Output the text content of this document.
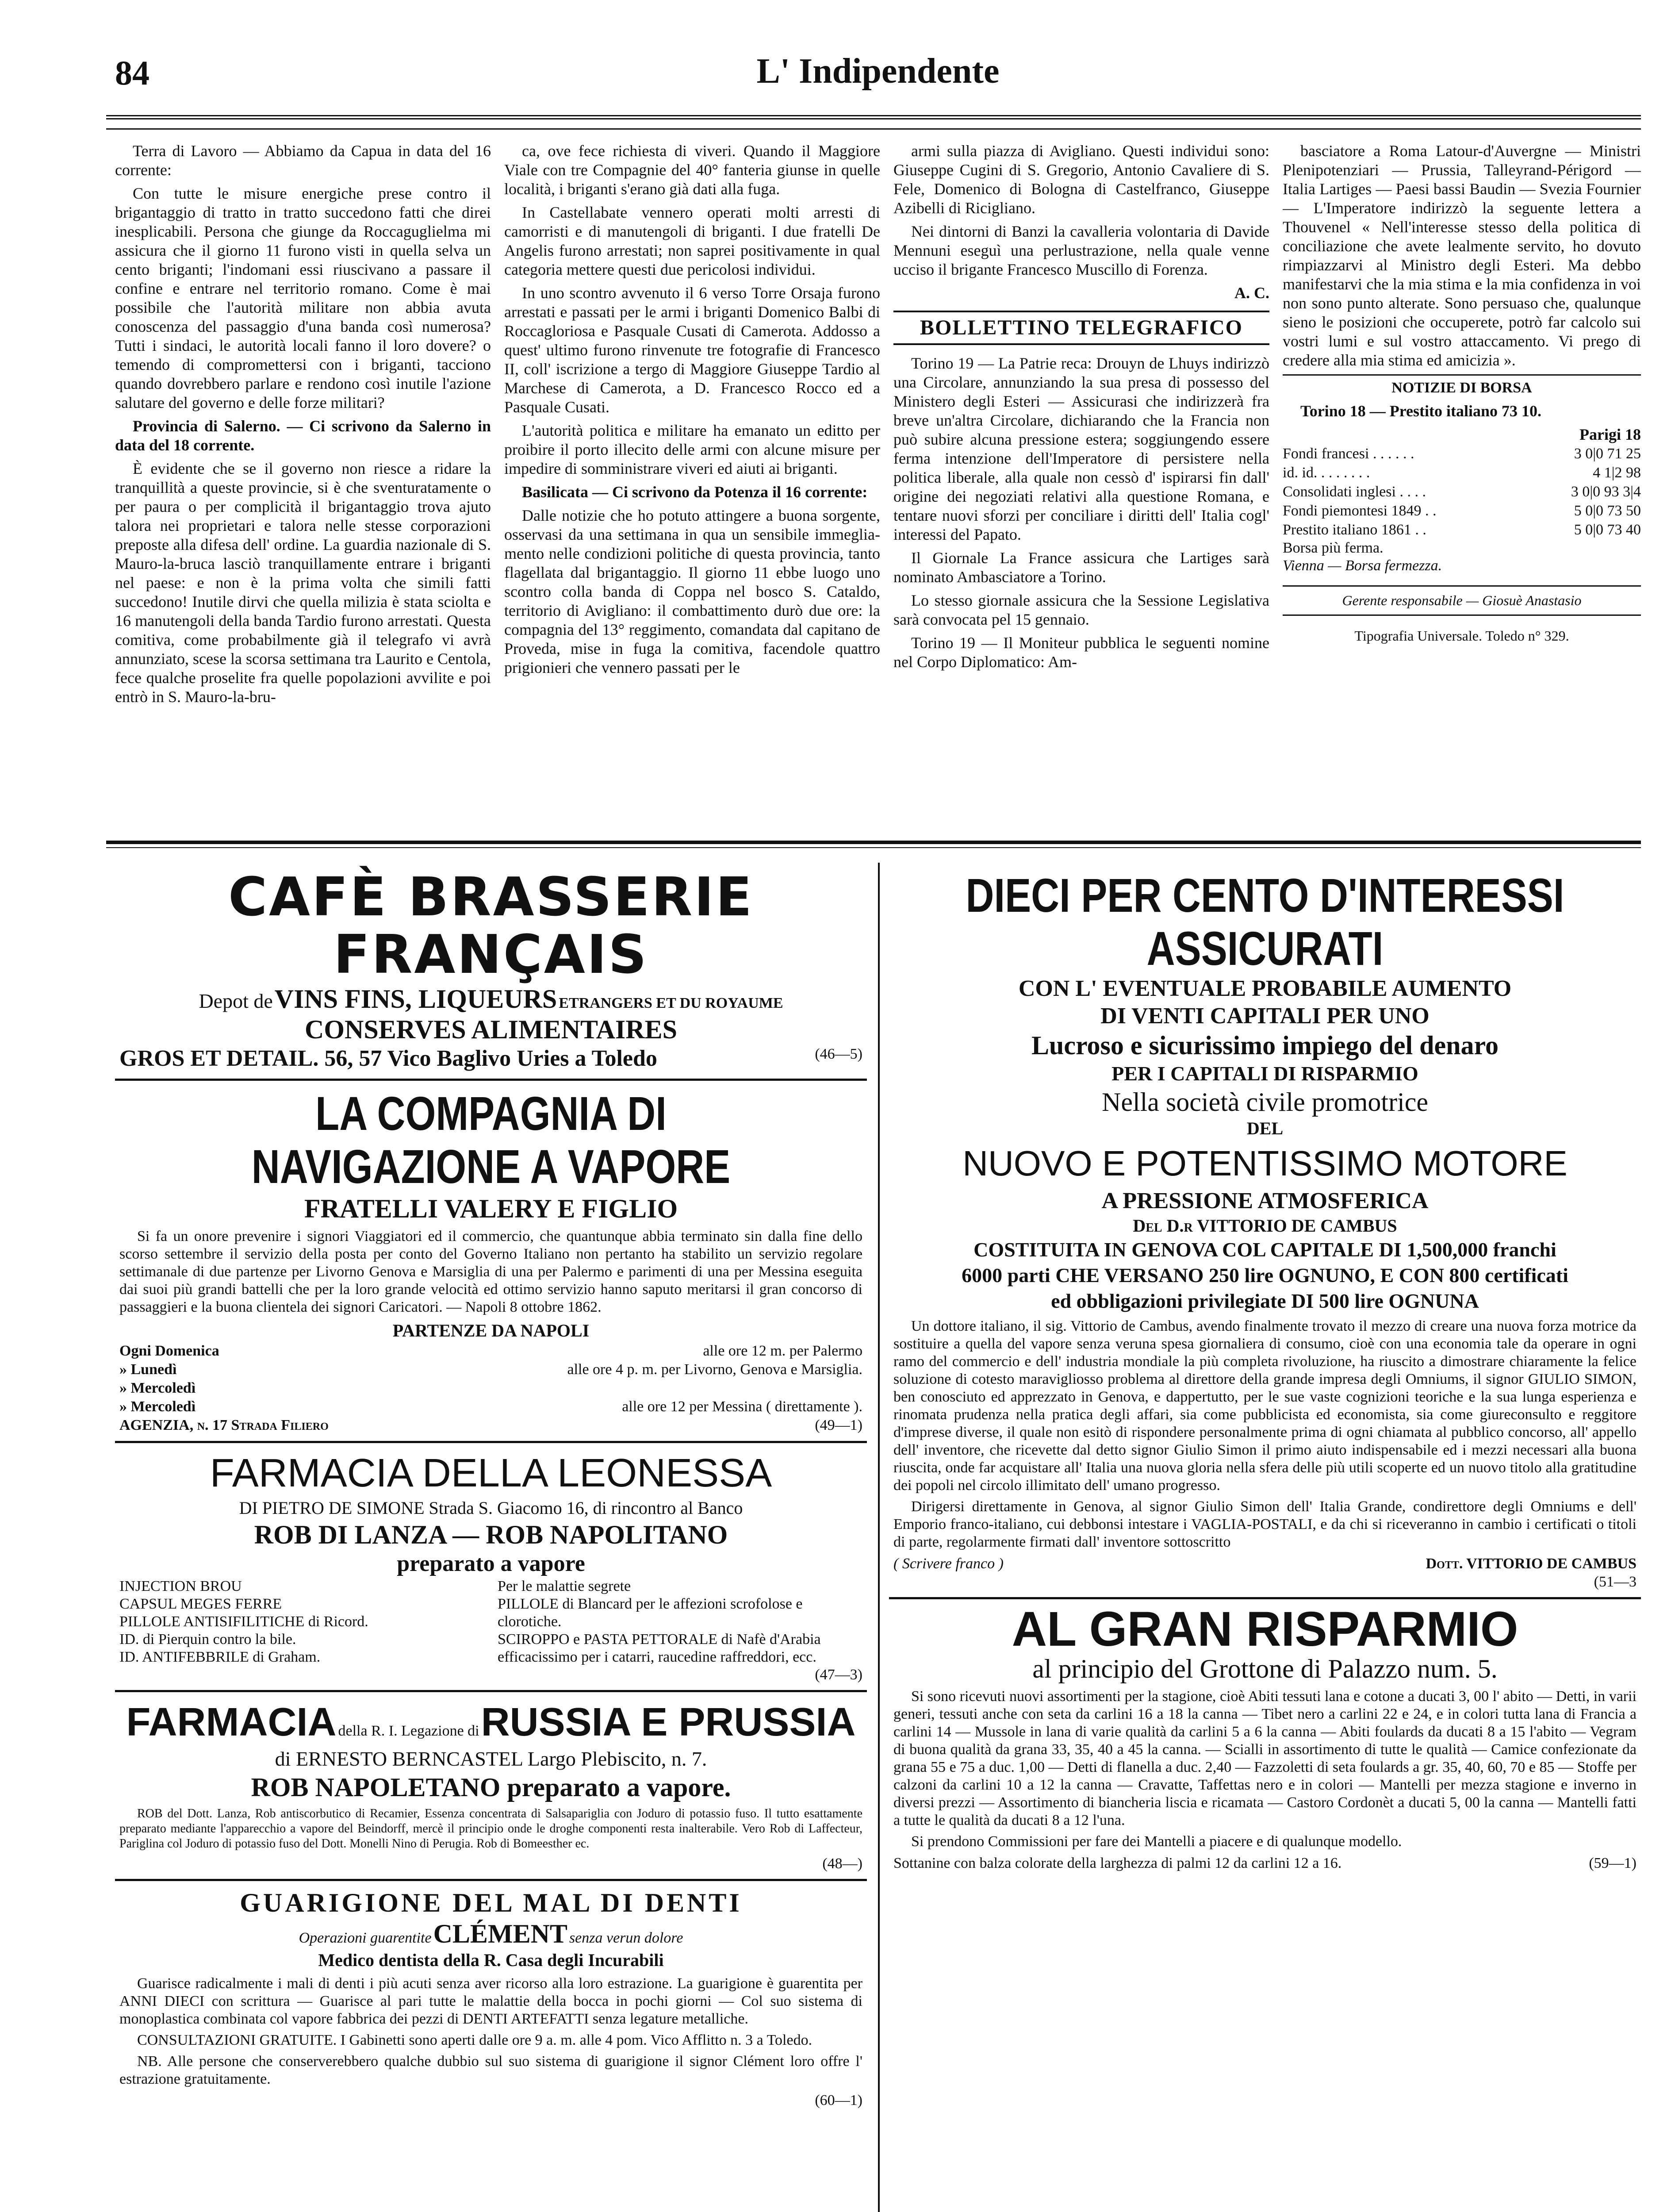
84	L' Indipendente

Terra di Lavoro — Abbiamo da Capua in data del 16 corrente:

Con tutte le misure energiche prese contro il brigantaggio di tratto in tratto succedono fatti che direi inesplicabili. Persona che giunge da Roccaguglielma mi assicura che il giorno 11 furono visti in quella selva un cento briganti; l'indomani essi riuscivano a passare il confine e entrare nel territorio romano. Come è mai possibile che l'autorità militare non abbia avuta conoscenza del passaggio d'una banda così numerosa? Tutti i sindaci, le autorità locali fanno il loro dovere? o temendo di compromettersi con i briganti, tacciono quando dovrebbero parlare e rendono così inutile l'azione salutare del governo e delle forze militari?

Provincia di Salerno. — Ci scrivono da Salerno in data del 18 corrente.

È evidente che se il governo non riesce a ridare la tranquillità a queste provincie, si è che sventuratamente o per paura o per complicità il brigantaggio trova ajuto talora nei proprietari e talora nelle stesse corporazioni preposte alla difesa dell' ordine. La guardia nazionale di S. Mauro-la-bruca lasciò tranquillamente entrare i briganti nel paese: e non è la prima volta che simili fatti succedono! Inutile dirvi che quella milizia è stata sciolta e 16 manutengoli della banda Tardio furono arrestati. Questa comitiva, come probabilmente già il telegrafo vi avrà annunziato, scese la scorsa settimana tra Laurito e Centola, fece qualche proselite fra quelle popolazioni avvilite e poi entrò in S. Mauro-la-bru-

ca, ove fece richiesta di viveri. Quando il Maggiore Viale con tre Compagnie del 40° fanteria giunse in quelle località, i briganti s'erano già dati alla fuga.

In Castellabate vennero operati molti arresti di camorristi e di manutengoli di briganti. I due fratelli De Angelis furono arrestati; non saprei positivamente in qual categoria mettere questi due pericolosi individui.

In uno scontro avvenuto il 6 verso Torre Orsaja furono arrestati e passati per le armi i briganti Domenico Balbi di Roccagloriosa e Pasquale Cusati di Camerota. Addosso a quest' ultimo furono rinvenute tre fotografie di Francesco II, coll' iscrizione a tergo di Maggiore Giuseppe Tardio al Marchese di Camerota, a D. Francesco Rocco ed a Pasquale Cusati.

L'autorità politica e militare ha emanato un editto per proibire il porto illecito delle armi con alcune misure per impedire di somministrare viveri ed aiuti ai briganti.

Basilicata — Ci scrivono da Potenza il 16 corrente:

Dalle notizie che ho potuto attingere a buona sorgente, osservasi da una settimana in qua un sensibile immegliamento nelle condizioni politiche di questa provincia, tanto flagellata dal brigantaggio. Il giorno 11 ebbe luogo uno scontro colla banda di Coppa nel bosco S. Cataldo, territorio di Avigliano: il combattimento durò due ore: la compagnia del 13° reggimento, comandata dal capitano de Proveda, mise in fuga la comitiva, facendole quattro prigionieri che vennero passati per le

armi sulla piazza di Avigliano. Questi individui sono: Giuseppe Cugini di S. Gregorio, Antonio Cavaliere di S. Fele, Domenico di Bologna di Castelfranco, Giuseppe Azibelli di Ricigliano.

Nei dintorni di Banzi la cavalleria volontaria di Davide Mennuni eseguì una perlustrazione, nella quale venne ucciso il brigante Francesco Muscillo di Forenza.

A. C.
BOLLETTINO TELEGRAFICO

Torino 19 — La Patrie reca: Drouyn de Lhuys indirizzò una Circolare, annunziando la sua presa di possesso del Ministero degli Esteri — Assicurasi che indirizzerà fra breve un'altra Circolare, dichiarando che la Francia non può subire alcuna pressione estera; soggiungendo essere ferma intenzione dell'Imperatore di persistere nella politica liberale, alla quale non cessò d' ispirarsi fin dall' origine dei negoziati relativi alla questione Romana, e tentare nuovi sforzi per conciliare i diritti dell' Italia cogl' interessi del Papato.

Il Giornale La France assicura che Lartiges sarà nominato Ambasciatore a Torino.

Lo stesso giornale assicura che la Sessione Legislativa sarà convocata pel 15 gennaio.

Torino 19 — Il Moniteur pubblica le seguenti nomine nel Corpo Diplomatico: Am-

basciatore a Roma Latour-d'Auvergne — Ministri Plenipotenziari — Prussia, Talleyrand-Périgord — Italia Lartiges — Paesi bassi Baudin — Svezia Fournier — L'Imperatore indirizzò la seguente lettera a Thouvenel « Nell'interesse stesso della politica di conciliazione che avete lealmente servito, ho dovuto rimpiazzarvi al Ministro degli Esteri. Ma debbo manifestarvi che la mia stima e la mia confidenza in voi non sono punto alterate. Sono persuaso che, qualunque sieno le posizioni che occuperete, potrò far calcolo sui vostri lumi e sul vostro attaccamento. Vi prego di credere alla mia stima ed amicizia ».

NOTIZIE DI BORSA

Torino 18 — Prestito italiano 73 10.

Parigi 18
Fondi francesi . . . . . .	3 0|0 71 25
id. id. . . . . . . .	4 1|2 98
Consolidati inglesi . . . .	3 0|0 93 3|4
Fondi piemontesi 1849 . .	5 0|0 73 50
Prestito italiano 1861 . .	5 0|0 73 40
Borsa più ferma.
Vienna — Borsa fermezza.
Gerente responsabile — Giosuè Anastasio
Tipografia Universale. Toledo n° 329.
CAFÈ BRASSERIE FRANÇAIS
Depot de VINS FINS, LIQUEURS ETRANGERS ET DU ROYAUME CONSERVES ALIMENTAIRES
GROS ET DETAIL. 56, 57 Vico Baglivo Uries a Toledo	(46—5)
LA COMPAGNIA DI NAVIGAZIONE A VAPORE
FRATELLI VALERY E FIGLIO

Si fa un onore prevenire i signori Viaggiatori ed il commercio, che quantunque abbia terminato sin dalla fine dello scorso settembre il servizio della posta per conto del Governo Italiano non pertanto ha stabilito un servizio regolare settimanale di due partenze per Livorno Genova e Marsiglia di una per Palermo e parimenti di una per Messina eseguita dai suoi più grandi battelli che per la loro grande velocità ed ottimo servizio hanno saputo meritarsi il gran concorso di passaggieri e la buona clientela dei signori Caricatori. — Napoli 8 ottobre 1862.

PARTENZE DA NAPOLI
Ogni Domenica	alle ore 12 m. per Palermo
» Lunedì	alle ore 4 p. m. per Livorno, Genova e Marsiglia.
» Mercoledì
» Mercoledì	alle ore 12 per Messina ( direttamente ).
AGENZIA, n. 17 Strada Filiero	(49—1)
FARMACIA DELLA LEONESSA
DI PIETRO DE SIMONE Strada S. Giacomo 16, di rincontro al Banco
ROB DI LANZA — ROB NAPOLITANO
preparato a vapore
INJECTION BROU
CAPSUL MEGES FERRE
PILLOLE ANTISIFILITICHE di Ricord.
ID. di Pierquin contro la bile.
ID. ANTIFEBBRILE di Graham.
Per le malattie segrete
PILLOLE di Blancard per le affezioni scrofolose e clorotiche.
SCIROPPO e PASTA PETTORALE di Nafè d'Arabia efficacissimo per i catarri, raucedine raffreddori, ecc.
(47—3)
FARMACIA della R. I. Legazione di RUSSIA E PRUSSIA
di ERNESTO BERNCASTEL Largo Plebiscito, n. 7.
ROB NAPOLETANO preparato a vapore.

ROB del Dott. Lanza, Rob antiscorbutico di Recamier, Essenza concentrata di Salsapariglia con Joduro di potassio fuso. Il tutto esattamente preparato mediante l'apparecchio a vapore del Beindorff, mercè il principio onde le droghe componenti resta inalterabile. Vero Rob di Laffecteur, Pariglina col Joduro di potassio fuso del Dott. Monelli Nino di Perugia. Rob di Bomeesther ec.

(48—)
GUARIGIONE DEL MAL DI DENTI
Operazioni guarentite CLÉMENT senza verun dolore
Medico dentista della R. Casa degli Incurabili

Guarisce radicalmente i mali di denti i più acuti senza aver ricorso alla loro estrazione. La guarigione è guarentita per ANNI DIECI con scrittura — Guarisce al pari tutte le malattie della bocca in pochi giorni — Col suo sistema di monoplastica combinata col vapore fabbrica dei pezzi di DENTI ARTEFATTI senza legature metalliche.

CONSULTAZIONI GRATUITE. I Gabinetti sono aperti dalle ore 9 a. m. alle 4 pom. Vico Afflitto n. 3 a Toledo.

NB. Alle persone che conserverebbero qualche dubbio sul suo sistema di guarigione il signor Clément loro offre l' estrazione gratuitamente.

(60—1)
DIECI PER CENTO D'INTERESSI ASSICURATI
CON L' EVENTUALE PROBABILE AUMENTO
DI VENTI CAPITALI PER UNO
Lucroso e sicurissimo impiego del denaro
PER I CAPITALI DI RISPARMIO
Nella società civile promotrice
DEL
NUOVO E POTENTISSIMO MOTORE
A PRESSIONE ATMOSFERICA
Del D.r VITTORIO DE CAMBUS
COSTITUITA IN GENOVA COL CAPITALE DI 1,500,000 franchi
6000 parti CHE VERSANO 250 lire OGNUNO, E CON 800 certificati
ed obbligazioni privilegiate DI 500 lire OGNUNA

Un dottore italiano, il sig. Vittorio de Cambus, avendo finalmente trovato il mezzo di creare una nuova forza motrice da sostituire a quella del vapore senza veruna spesa giornaliera di consumo, cioè con una economia tale da operare in ogni ramo del commercio e dell' industria mondiale la più completa rivoluzione, ha riuscito a dimostrare chiaramente la felice soluzione di cotesto maravigliosso problema al direttore della grande impresa degli Omniums, il signor GIULIO SIMON, ben conosciuto ed apprezzato in Genova, e dappertutto, per le sue vaste cognizioni teoriche e la sua lunga esperienza e rinomata prudenza nella pratica degli affari, sia come pubblicista ed economista, sia come giureconsulto e reggitore d'imprese diverse, il quale non esitò di rispondere personalmente prima di ogni chiamata al pubblico concorso, all' appello dell' inventore, che ricevette dal detto signor Giulio Simon il primo aiuto indispensabile ed i mezzi necessari alla buona riuscita, onde far acquistare all' Italia una nuova gloria nella sfera delle più utili scoperte ed un nuovo titolo alla gratitudine dei popoli nel circolo illimitato dell' umano progresso.

Dirigersi direttamente in Genova, al signor Giulio Simon dell' Italia Grande, condirettore degli Omniums e dell' Emporio franco-italiano, cui debbonsi intestare i VAGLIA-POSTALI, e da chi si riceveranno in cambio i certificati o titoli di parte, regolarmente firmati dall' inventore sottoscritto

( Scrivere franco )	Dott. VITTORIO DE CAMBUS
(51—3
AL GRAN RISPARMIO
al principio del Grottone di Palazzo num. 5.

Si sono ricevuti nuovi assortimenti per la stagione, cioè Abiti tessuti lana e cotone a ducati 3, 00 l' abito — Detti, in varii generi, tessuti anche con seta da carlini 16 a 18 la canna — Tibet nero a carlini 22 e 24, e in colori tutta lana di Francia a carlini 14 — Mussole in lana di varie qualità da carlini 5 a 6 la canna — Abiti foulards da ducati 8 a 15 l'abito — Vegram di buona qualità da grana 33, 35, 40 a 45 la canna. — Scialli in assortimento di tutte le qualità — Camice confezionate da grana 55 e 75 a duc. 1,00 — Detti di flanella a duc. 2,40 — Fazzoletti di seta foulards a gr. 35, 40, 60, 70 e 85 — Stoffe per calzoni da carlini 10 a 12 la canna — Cravatte, Taffettas nero e in colori — Mantelli per mezza stagione e inverno in diversi prezzi — Assortimento di biancheria liscia e ricamata — Castoro Cordonèt a ducati 5, 00 la canna — Mantelli fatti a tutte le qualità da ducati 8 a 12 l'una.

Si prendono Commissioni per fare dei Mantelli a piacere e di qualunque modello.

Sottanine con balza colorate della larghezza di palmi 12 da carlini 12 a 16.	(59—1)
